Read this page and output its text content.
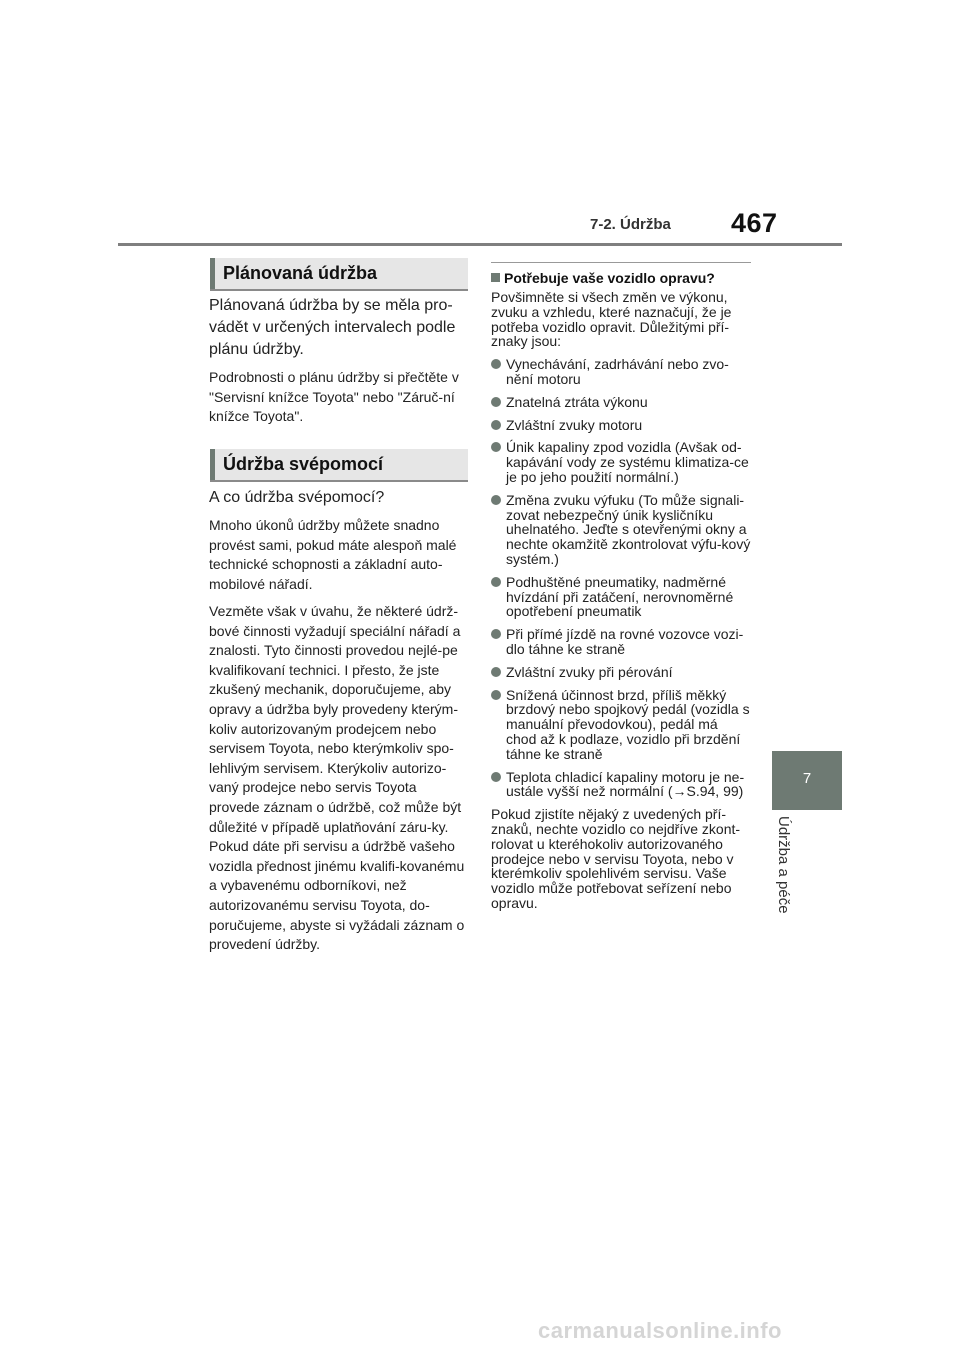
7-2. Údržba 467
7
Údržba a péče
Plánovaná údržba

Plánovaná údržba by se měla pro-vádět v určených intervalech podle plánu údržby.

Podrobnosti o plánu údržby si přečtěte v "Servisní knížce Toyota" nebo "Záruč-ní knížce Toyota".

Údržba svépomocí

A co údržba svépomocí?

Mnoho úkonů údržby můžete snadno provést sami, pokud máte alespoň malé technické schopnosti a základní auto-mobilové nářadí.

Vezměte však v úvahu, že některé údrž-bové činnosti vyžadují speciální nářadí a znalosti. Tyto činnosti provedou nejlé-pe kvalifikovaní technici. I přesto, že jste zkušený mechanik, doporučujeme, aby opravy a údržba byly provedeny kterým-koliv autorizovaným prodejcem nebo servisem Toyota, nebo kterýmkoliv spo-lehlivým servisem. Kterýkoliv autorizo-vaný prodejce nebo servis Toyota provede záznam o údržbě, což může být důležité v případě uplatňování záru-ky. Pokud dáte při servisu a údržbě vašeho vozidla přednost jinému kvalifi-kovanému a vybavenému odborníkovi, než autorizovanému servisu Toyota, do-poručujeme, abyste si vyžádali záznam o provedení údržby.

Potřebuje vaše vozidlo opravu?

Povšimněte si všech změn ve výkonu, zvuku a vzhledu, které naznačují, že je potřeba vozidlo opravit. Důležitými pří-znaky jsou:

Vynechávání, zadrhávání nebo zvo-nění motoru
Znatelná ztráta výkonu
Zvláštní zvuky motoru
Únik kapaliny zpod vozidla (Avšak od-kapávání vody ze systému klimatiza-ce je po jeho použití normální.)
Změna zvuku výfuku (To může signali-zovat nebezpečný únik kysličníku uhelnatého. Jeďte s otevřenými okny a nechte okamžitě zkontrolovat výfu-kový systém.)
Podhuštěné pneumatiky, nadměrné hvízdání při zatáčení, nerovnoměrné opotřebení pneumatik
Při přímé jízdě na rovné vozovce vozi-dlo táhne ke straně
Zvláštní zvuky při pérování
Snížená účinnost brzd, příliš měkký brzdový nebo spojkový pedál (vozidla s manuální převodovkou), pedál má chod až k podlaze, vozidlo při brzdění táhne ke straně
Teplota chladicí kapaliny motoru je ne-ustále vyšší než normální (→S.94, 99)

Pokud zjistíte nějaký z uvedených pří-znaků, nechte vozidlo co nejdříve zkont-rolovat u kteréhokoliv autorizovaného prodejce nebo v servisu Toyota, nebo v kterémkoliv spolehlivém servisu. Vaše vozidlo může potřebovat seřízení nebo opravu.

carmanualsonline.info
